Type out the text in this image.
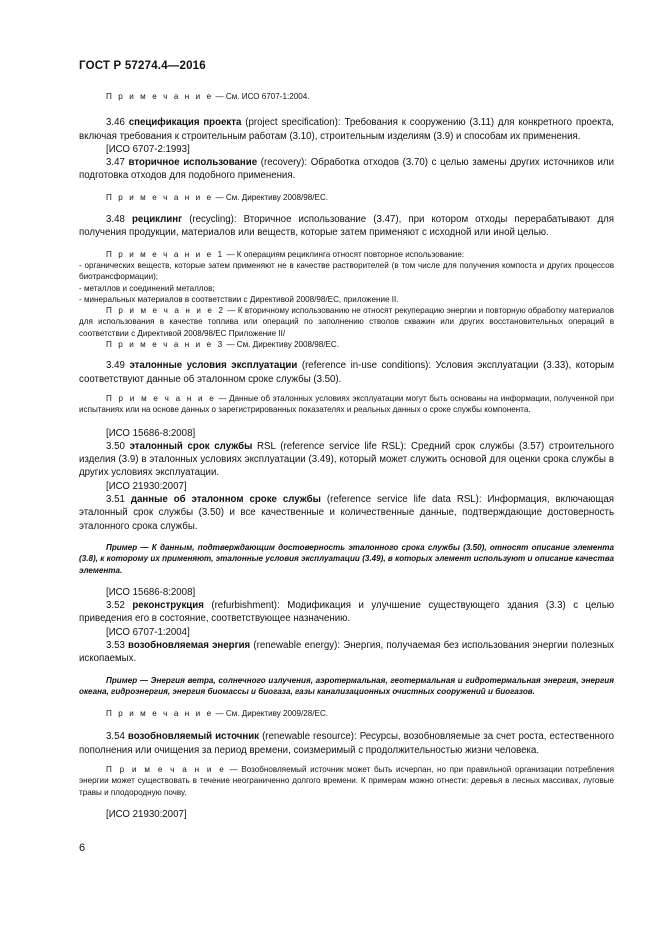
ГОСТ Р 57274.4—2016

П р и м е ч а н и е — См. ИСО 6707-1:2004.

3.46 спецификация проекта (project specification): Требования к сооружению (3.11) для конкретного проекта, включая требования к строительным работам (3.10), строительным изделиям (3.9) и способам их применения.

[ИСО 6707-2:1993]

3.47 вторичное использование (recovery): Обработка отходов (3.70) с целью замены других источников или подготовка отходов для подобного применения.

П р и м е ч а н и е — См. Директиву 2008/98/ЕС.

3.48 рециклинг (recycling): Вторичное использование (3.47), при котором отходы перерабатывают для получения продукции, материалов или веществ, которые затем применяют с исходной или иной целью.

П р и м е ч а н и е 1 — К операциям рециклинга относят повторное использование:

- органических веществ, которые затем применяют не в качестве растворителей (в том числе для получения компоста и других процессов биотрансформации);

- металлов и соединений металлов;

- минеральных материалов в соответствии с Директивой 2008/98/ЕС, приложение II.

П р и м е ч а н и е 2 — К вторичному использованию не относят рекуперацию энергии и повторную обработку материалов для использования в качестве топлива или операций по заполнению стволов скважин или других восстановительных операций в соответствии с Директивой 2008/98/ЕС Приложение II/

П р и м е ч а н и е 3 — См. Директиву 2008/98/ЕС.

3.49 эталонные условия эксплуатации (reference in-use conditions): Условия эксплуатации (3.33), которым соответствуют данные об эталонном сроке службы (3.50).

П р и м е ч а н и е — Данные об эталонных условиях эксплуатации могут быть основаны на информации, полученной при испытаниях или на основе данных о зарегистрированных показателях и реальных данных о сроке службы компонента.

[ИСО 15686-8:2008]

3.50 эталонный срок службы RSL (reference service life RSL): Средний срок службы (3.57) строительного изделия (3.9) в эталонных условиях эксплуатации (3.49), который может служить основой для оценки срока службы в других условиях эксплуатации.

[ИСО 21930:2007]

3.51 данные об эталонном сроке службы (reference service life data RSL): Информация, включающая эталонный срок службы (3.50) и все качественные и количественные данные, подтверждающие достоверность эталонного срока службы.

Пример — К данным, подтверждающим достоверность эталонного срока службы (3.50), относят описание элемента (3.8), к которому их применяют, эталонные условия эксплуатации (3.49), в которых элемент используют и описание качества элемента.

[ИСО 15686-8:2008]

3.52 реконструкция (refurbishment): Модификация и улучшение существующего здания (3.3) с целью приведения его в состояние, соответствующее назначению.

[ИСО 6707-1:2004]

3.53 возобновляемая энергия (renewable energy): Энергия, получаемая без использования энергии полезных ископаемых.

Пример — Энергия ветра, солнечного излучения, аэротермальная, геотермальная и гидротермальная энергия, энергия океана, гидроэнергия, энергия биомассы и биогаза, газы канализационных очистных сооружений и биогазов.

П р и м е ч а н и е — См. Директиву 2009/28/ЕС.

3.54 возобновляемый источник (renewable resource): Ресурсы, возобновляемые за счет роста, естественного пополнения или очищения за период времени, соизмеримый с продолжительностью жизни человека.

П р и м е ч а н и е — Возобновляемый источник может быть исчерпан, но при правильной организации потребления энергии может существовать в течение неограниченно долгого времени. К примерам можно отнести: деревья в лесных массивах, луговые травы и плодородную почву.

[ИСО 21930:2007]

6
